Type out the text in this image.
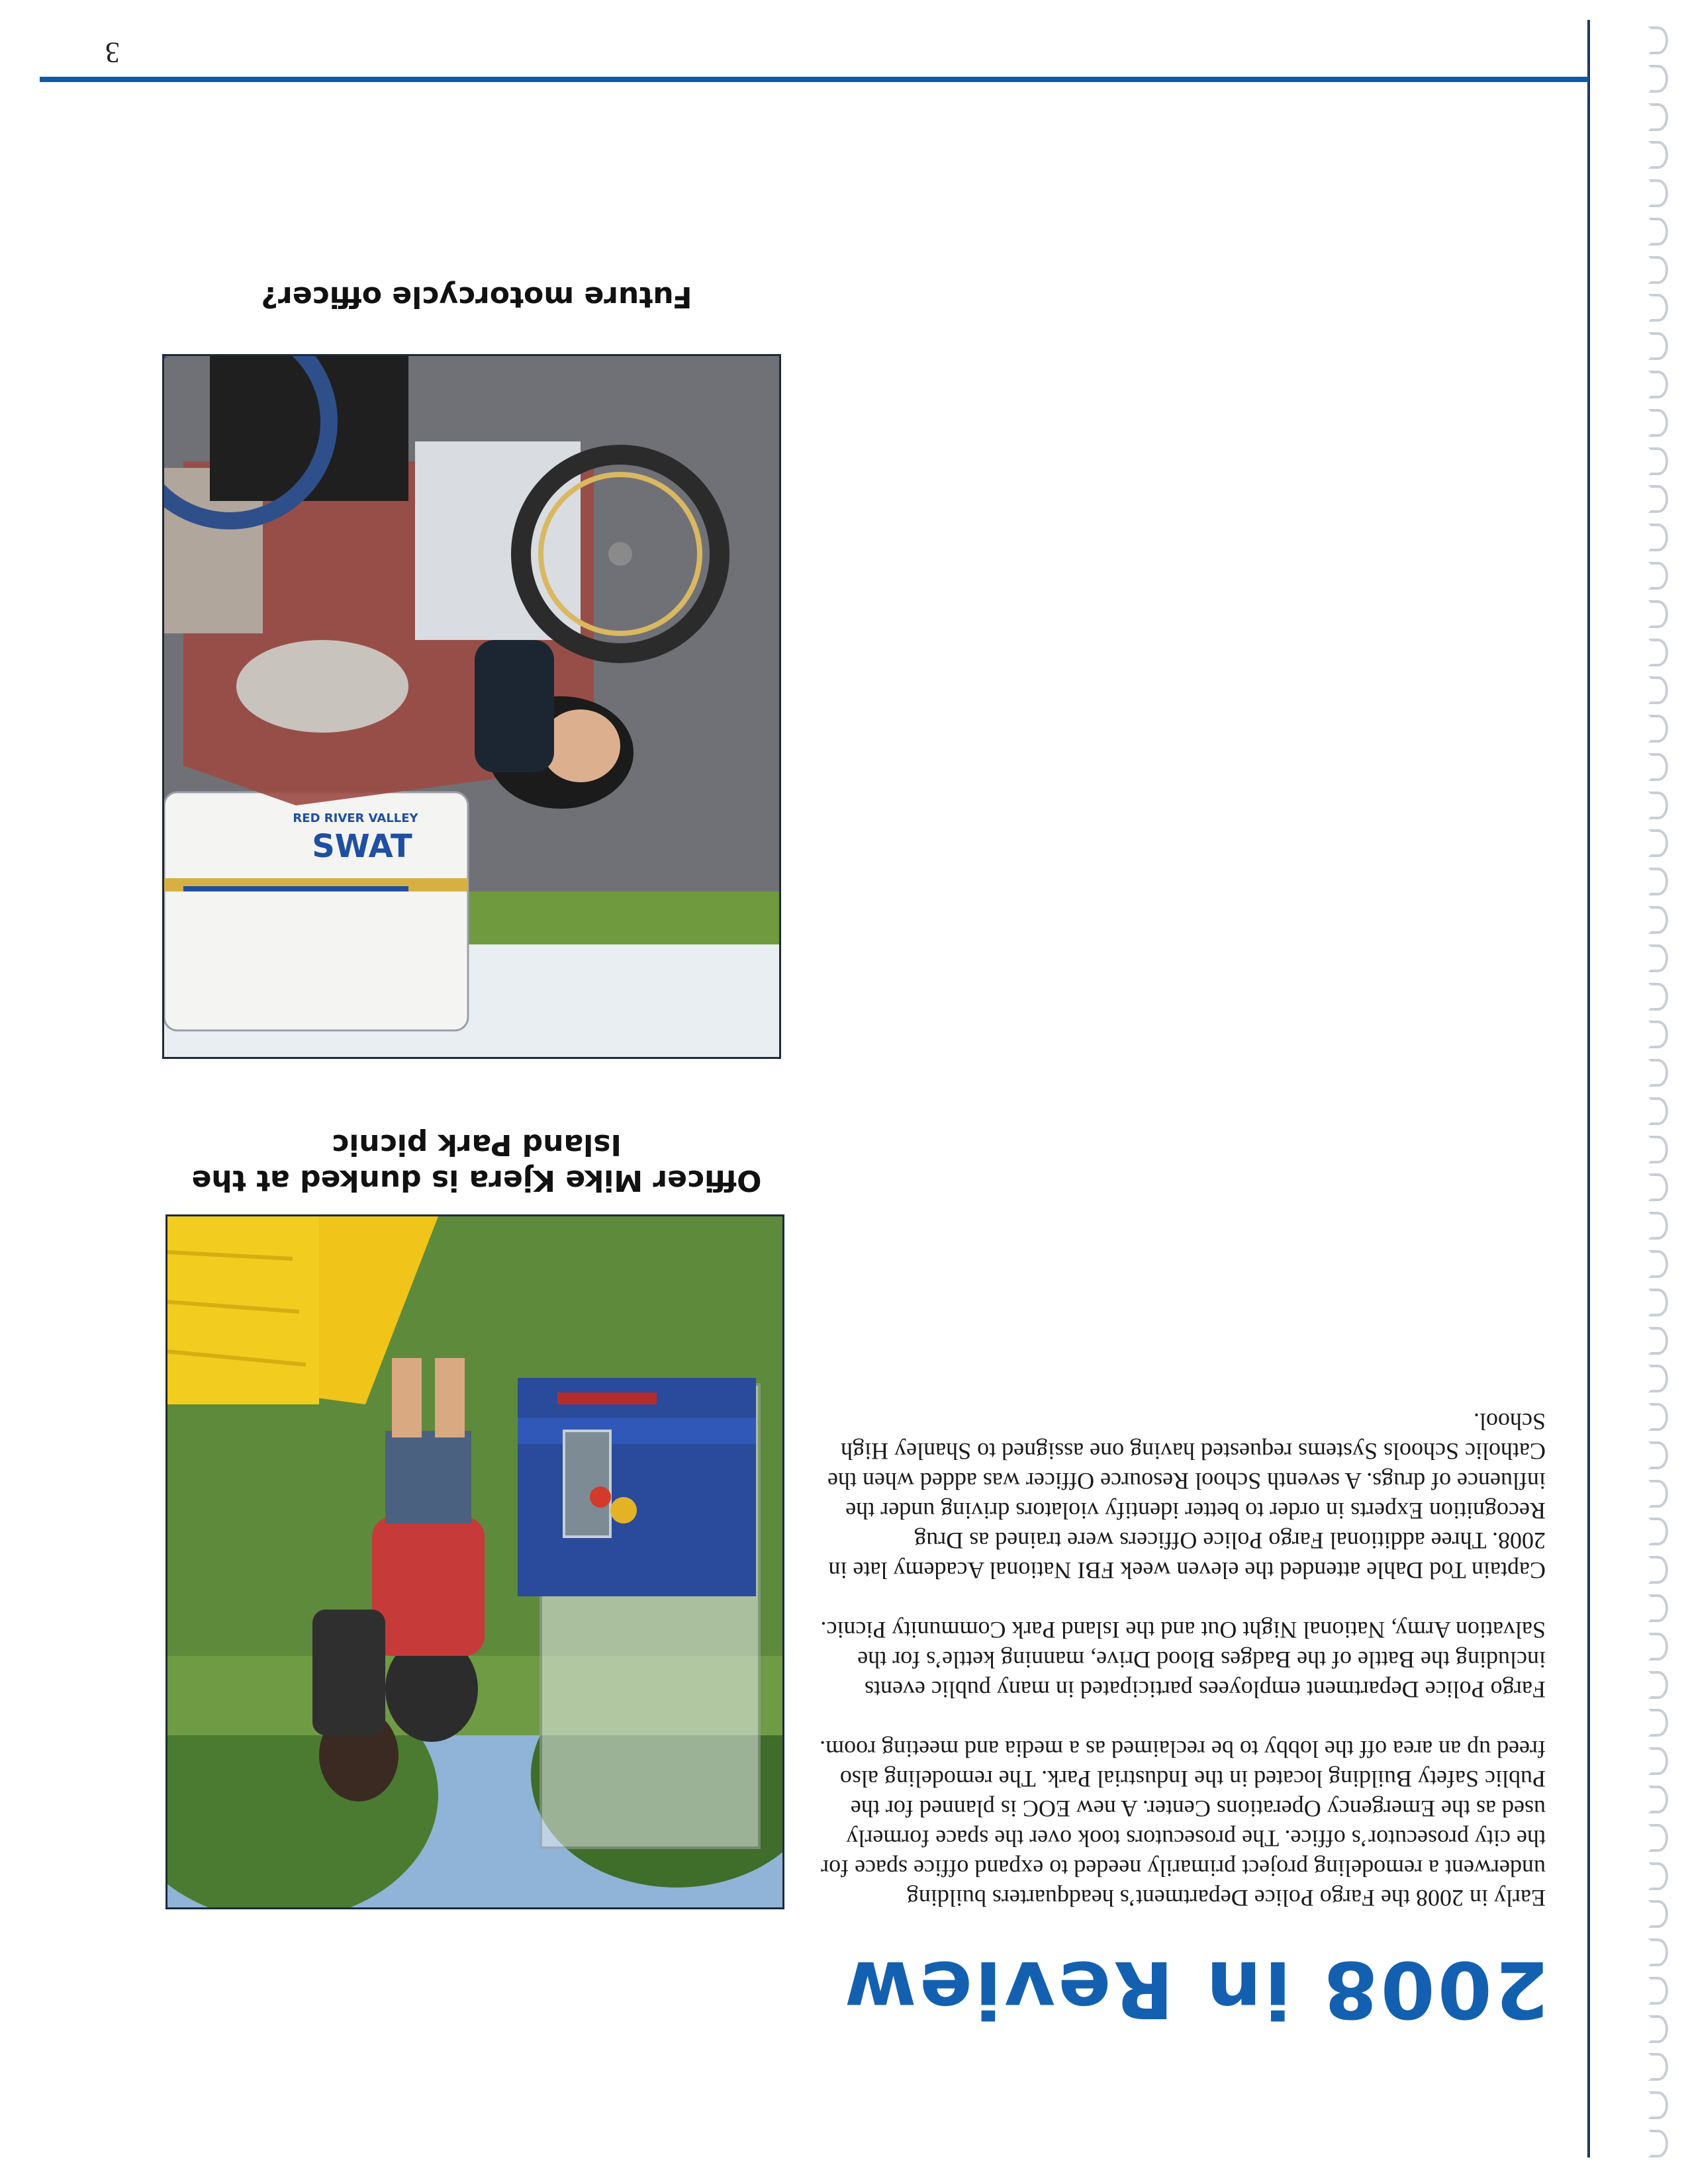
3
2008 in Review

Early in 2008 the Fargo Police Department’s headquarters building underwent a remodeling project primarily needed to expand office space for the city prosecutor’s office. The prosecutors took over the space formerly used as the Emergency Operations Center. A new EOC is planned for the Public Safety Building located in the Industrial Park. The remodeling also freed up an area off the lobby to be reclaimed as a media and meeting room.

Fargo Police Department employees participated in many public events including the Battle of the Badges Blood Drive, manning kettle’s for the Salvation Army, National Night Out and the Island Park Community Picnic.

Captain Tod Dahle attended the eleven week FBI National Academy late in 2008. Three additional Fargo Police Officers were trained as Drug Recognition Experts in order to better identify violators driving under the influence of drugs. A seventh School Resource Officer was added when the Catholic Schools Systems requested having one assigned to Shanley High School.

Officer Mike Kjera is dunked at the Island Park picnic
SWAT
RED RIVER VALLEY
Future motorcycle officer?
